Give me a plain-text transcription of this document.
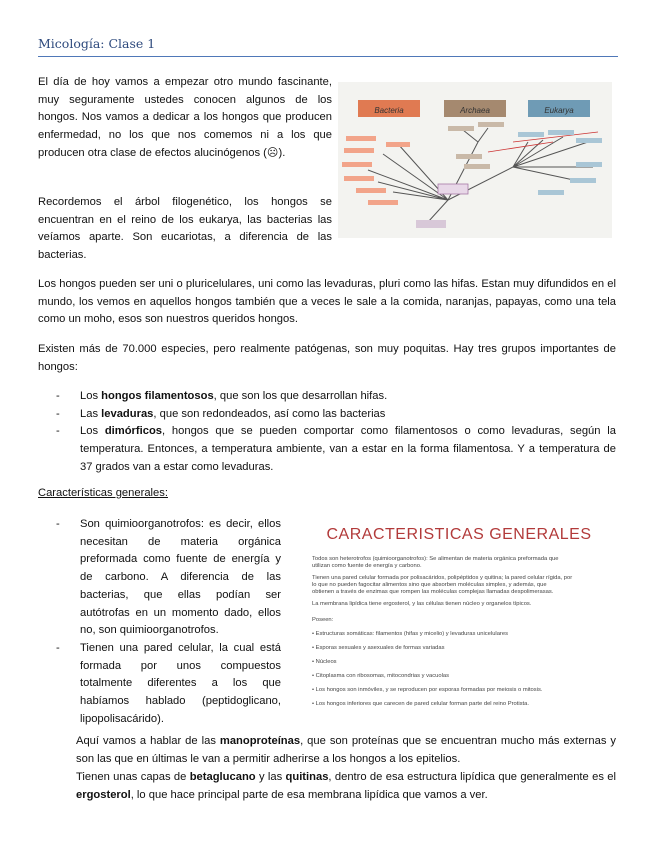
Micología: Clase 1

El día de hoy vamos a empezar otro mundo fascinante, muy seguramente ustedes conocen algunos de los hongos. Nos vamos a dedicar a los hongos que producen enfermedad, no los que nos comemos ni a los que producen otra clase de efectos alucinógenos (☹).

Recordemos el árbol filogenético, los hongos se encuentran en el reino de los eukarya, las bacterias las veíamos aparte. Son eucariotas, a diferencia de las bacterias.

Bacteria	Archaea	Eukarya

Los hongos pueden ser uni o pluricelulares, uni como las levaduras, pluri como las hifas. Estan muy difundidos en el mundo, los vemos en aquellos hongos también que a veces le sale a la comida, naranjas, papayas, como una tela como un moho, esos son nuestros queridos hongos.

Existen más de 70.000 especies, pero realmente patógenas, son muy poquitas. Hay tres grupos importantes de hongos:

- Los hongos filamentosos, que son los que desarrollan hifas.
- Las levaduras, que son redondeados, así como las bacterias
- Los dimórficos, hongos que se pueden comportar como filamentosos o como levaduras, según la temperatura. Entonces, a temperatura ambiente, van a estar en la forma filamentosa. Y a temperatura de 37 grados van a estar como levaduras.
Características generales:
- Son quimioorganotrofos: es decir, ellos necesitan de materia orgánica preformada como fuente de energía y de carbono. A diferencia de las bacterias, que ellas podían ser autótrofas en un momento dado, ellos no, son quimioorganotrofos.
- Tienen una pared celular, la cual está formada por unos compuestos totalmente diferentes a los que habíamos hablado (peptidoglicano, lipopolisacárido).
CARACTERISTICAS GENERALES
Todos son heterotrofos (quimioorganotrofos): Se alimentan de materia orgánica preformada que
utilizan como fuente de energía y carbono.
Tienen una pared celular formada por polisacáridos, polipéptidos y quitina; la pared celular rígida, por
lo que no pueden fagocitar alimentos sino que absorben moléculas simples, y además, que
obtienen a través de enzimas que rompen las moléculas complejas llamadas despolimerasas.
La membrana lipídica tiene ergosterol, y las células tienen núcleo y organelos típicos.
Poseen:
• Estructuras somáticas: filamentos (hifas y micelio) y levaduras unicelulares
• Esporas sexuales y asexuales de formas variadas
• Núcleos
• Citoplasma con ribosomas, mitocondrias y vacuolas
• Los hongos son inmóviles, y se reproducen por esporas formadas por meiosis o mitosis.
• Los hongos inferiores que carecen de pared celular forman parte del reino Protista.

Aquí vamos a hablar de las manoproteínas, que son proteínas que se encuentran mucho más externas y son las que en últimas le van a permitir adherirse a los hongos a los epitelios.

Tienen unas capas de betaglucano y las quitinas, dentro de esa estructura lipídica que generalmente es el ergosterol, lo que hace principal parte de esa membrana lipídica que vamos a ver.
